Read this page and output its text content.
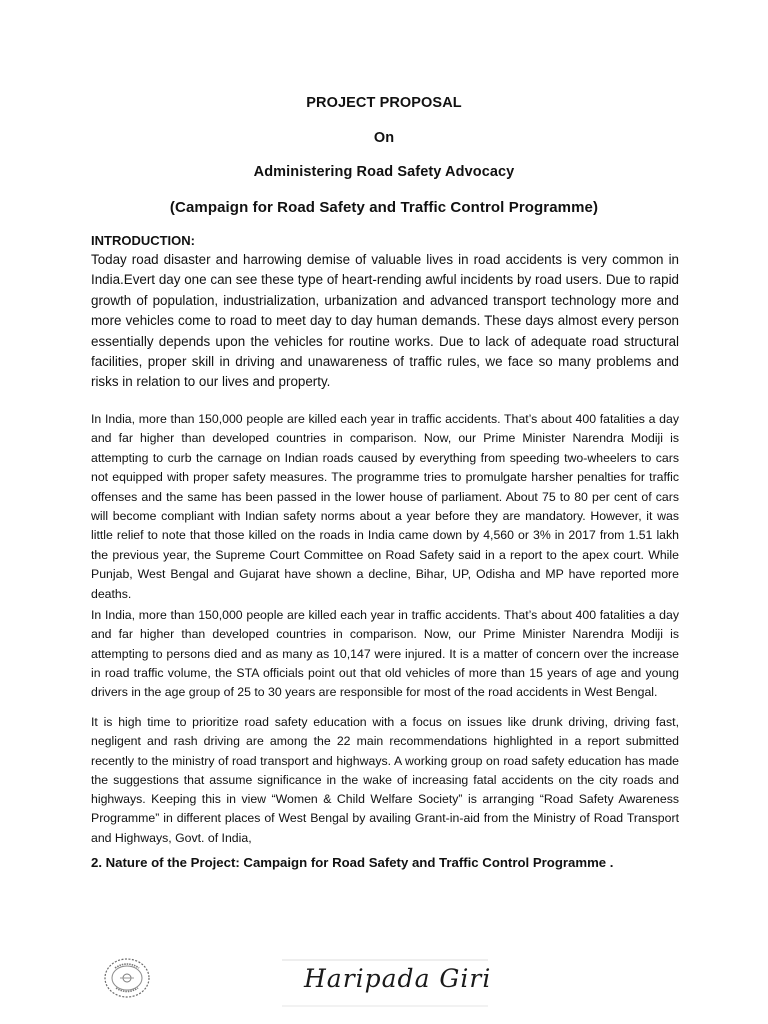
PROJECT PROPOSAL
On
Administering Road Safety Advocacy
(Campaign for Road Safety and Traffic Control Programme)
INTRODUCTION:

Today road disaster and harrowing demise of valuable lives in road accidents is very common in India.Evert day one can see these type of heart-rending awful incidents by road users. Due to rapid growth of population, industrialization, urbanization and advanced transport technology more and more vehicles come to road to meet day to day human demands. These days almost every person essentially depends upon the vehicles for routine works. Due to lack of adequate road structural facilities, proper skill in driving and unawareness of traffic rules, we face so many problems and risks in relation to our lives and property.

In India, more than 150,000 people are killed each year in traffic accidents. That’s about 400 fatalities a day and far higher than developed countries in comparison. Now, our Prime Minister Narendra Modiji is attempting to curb the carnage on Indian roads caused by everything from speeding two-wheelers to cars not equipped with proper safety measures. The programme tries to promulgate harsher penalties for traffic offenses and the same has been passed in the lower house of parliament. About 75 to 80 per cent of cars will become compliant with Indian safety norms about a year before they are mandatory. However, it was little relief to note that those killed on the roads in India came down by 4,560 or 3% in 2017 from 1.51 lakh the previous year, the Supreme Court Committee on Road Safety said in a report to the apex court. While Punjab, West Bengal and Gujarat have shown a decline, Bihar, UP, Odisha and MP have reported more deaths.

In India, more than 150,000 people are killed each year in traffic accidents. That’s about 400 fatalities a day and far higher than developed countries in comparison. Now, our Prime Minister Narendra Modiji is attempting to persons died and as many as 10,147 were injured. It is a matter of concern over the increase in road traffic volume, the STA officials point out that old vehicles of more than 15 years of age and young drivers in the age group of 25 to 30 years are responsible for most of the road accidents in West Bengal.

It is high time to prioritize road safety education with a focus on issues like drunk driving, driving fast, negligent and rash driving are among the 22 main recommendations highlighted in a report submitted recently to the ministry of road transport and highways. A working group on road safety education has made the suggestions that assume significance in the wake of increasing fatal accidents on the city roads and highways. Keeping this in view “Women & Child Welfare Society” is arranging “Road Safety Awareness Programme” in different places of West Bengal by availing Grant-in-aid from the Ministry of Road Transport and Highways, Govt. of India,

2. Nature of the Project: Campaign for Road Safety and Traffic Control Programme .
Haripada Giri
